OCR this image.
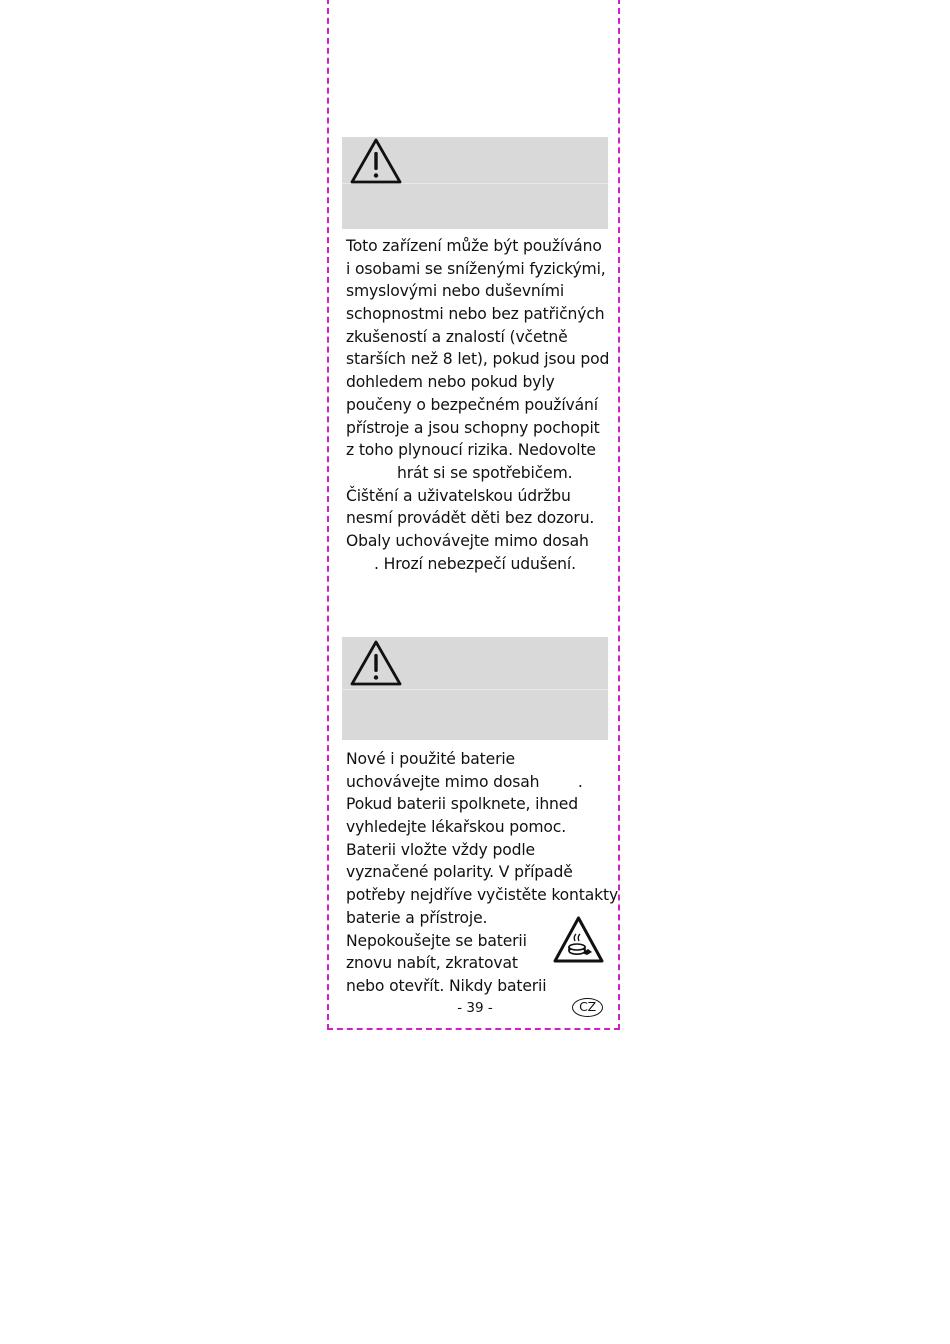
Toto zařízení může být používáno
i osobami se sníženými fyzickými,
smyslovými nebo duševními
schopnostmi nebo bez patřičných
zkušeností a znalostí (včetně
starších než 8 let), pokud jsou pod
dohledem nebo pokud byly
poučeny o bezpečném používání
přístroje a jsou schopny pochopit
z toho plynoucí rizika. Nedovolte
hrát si se spotřebičem.
Čištění a uživatelskou údržbu
nesmí provádět děti bez dozoru.
Obaly uchovávejte mimo dosah
. Hrozí nebezpečí udušení.
Nové i použité baterie
uchovávejte mimo dosah        .
Pokud baterii spolknete, ihned
vyhledejte lékařskou pomoc.
Baterii vložte vždy podle
vyznačené polarity. V případě
potřeby nejdříve vyčistěte kontakty
baterie a přístroje.
Nepokoušejte se baterii
znovu nabít, zkratovat
nebo otevřít. Nikdy baterii
- 39 -	CZ
